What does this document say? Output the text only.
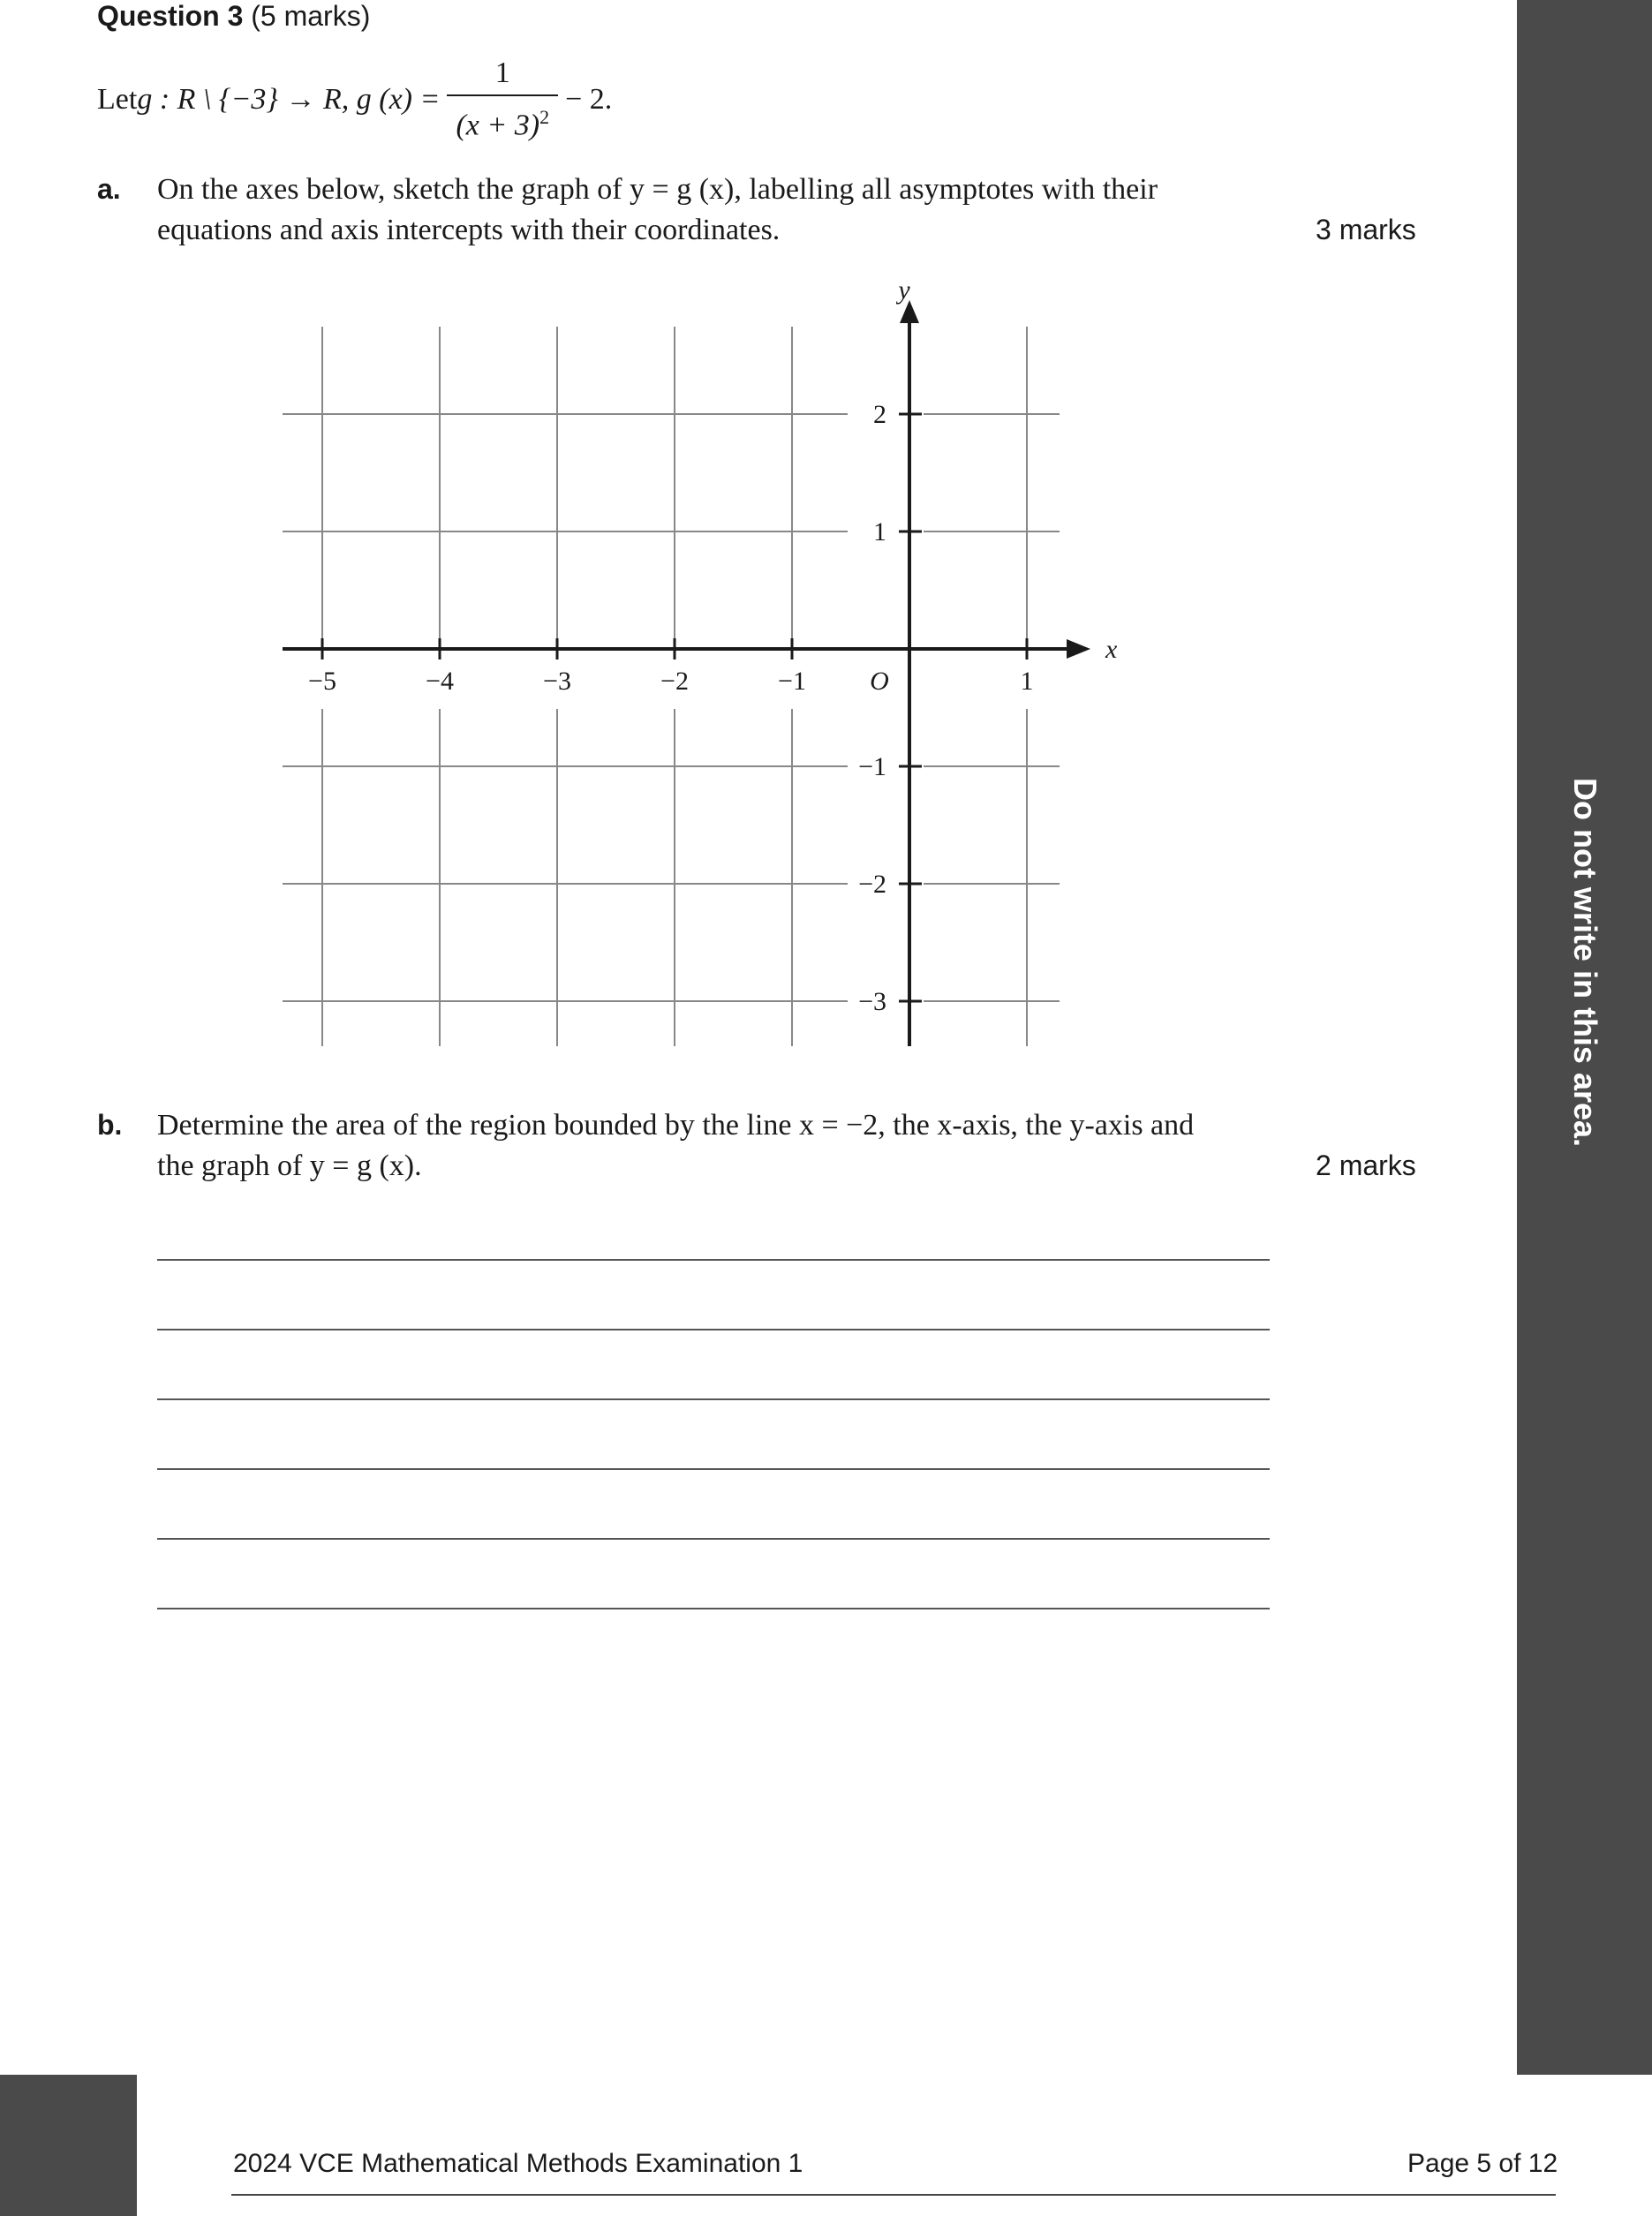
Question 3 (5 marks)
Let g : R \ {−3} → R, g $(x) = \frac{1}{(x + 3)^2} - 2$.
a. On the axes below, sketch the graph of y = g (x), labelling all asymptotes with their
equations and axis intercepts with their coordinates.	3 marks
−5	−4	−3	−2	−1	1
2
1
−1
−2
−3
x
y
O
b. Determine the area of the region bounded by the line x = −2, the x-axis, the y-axis and
the graph of y = g (x).	2 marks
Do not write in this area.
2024 VCE Mathematical Methods Examination 1	Page 5 of 12
